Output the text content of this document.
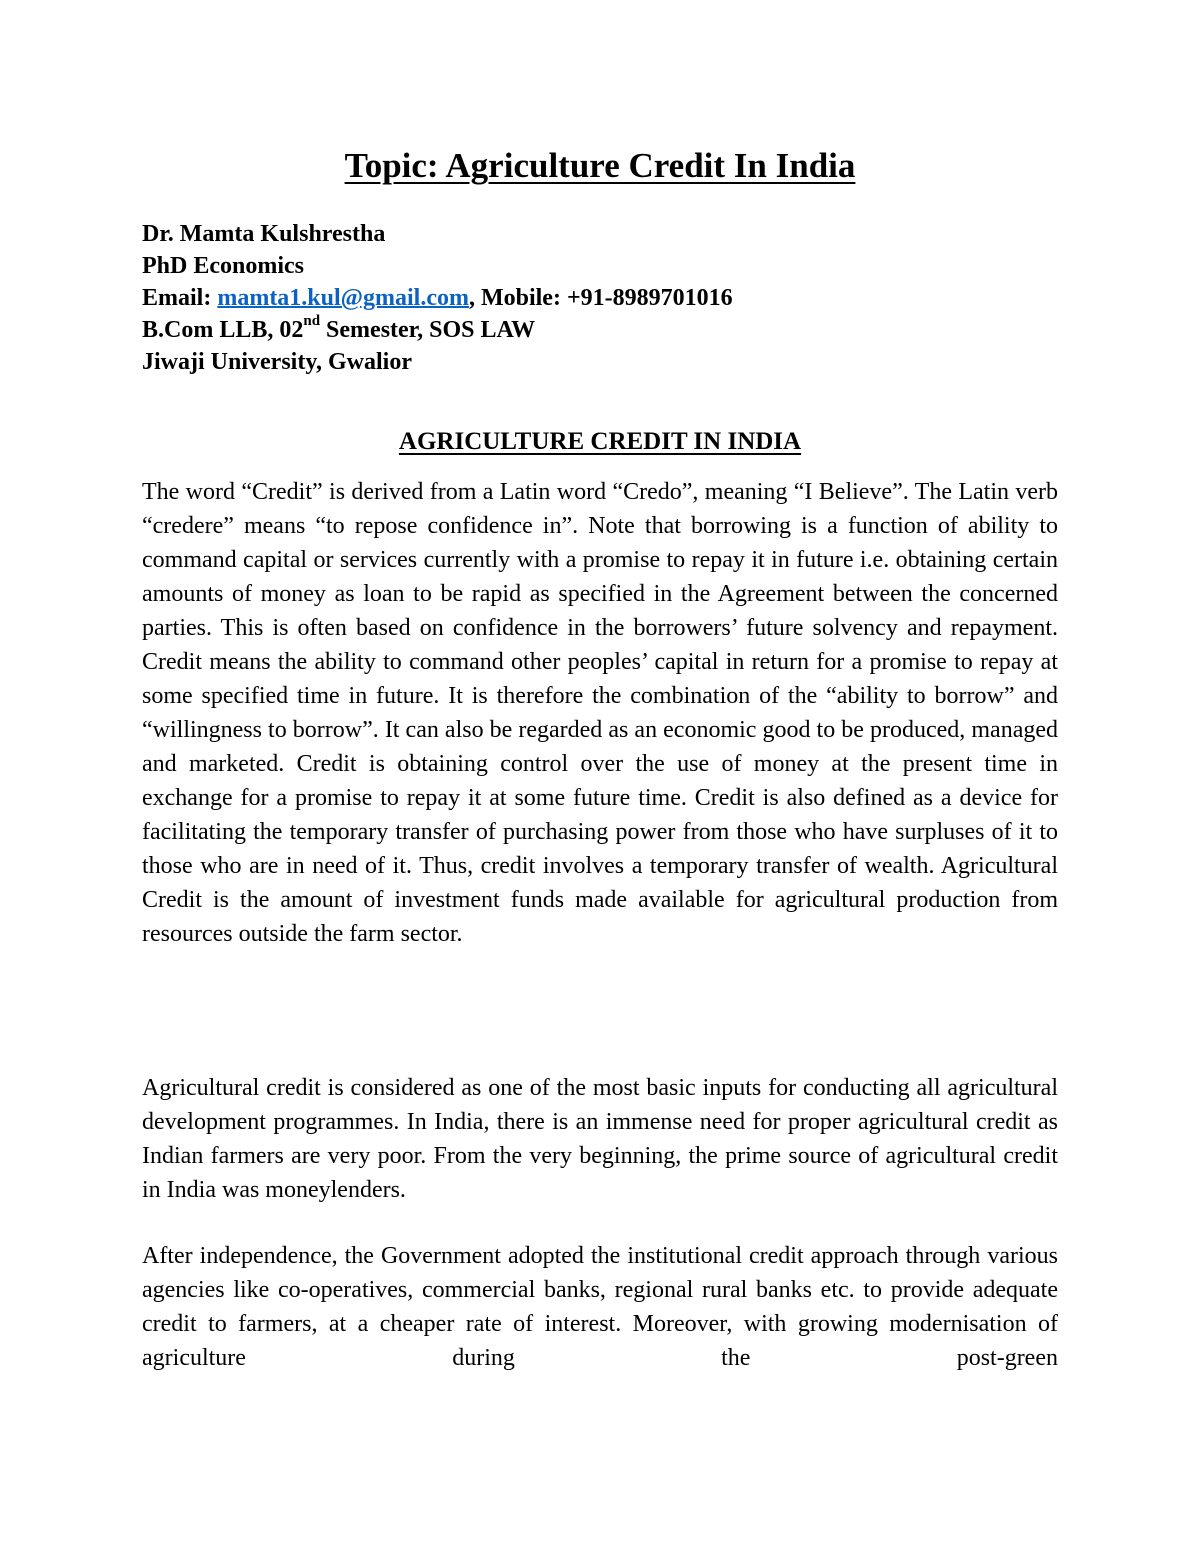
Topic: Agriculture Credit In India
Dr. Mamta Kulshrestha
PhD Economics
Email: mamta1.kul@gmail.com, Mobile: +91-8989701016
B.Com LLB, 02nd Semester, SOS LAW
Jiwaji University, Gwalior
AGRICULTURE CREDIT IN INDIA

The word “Credit” is derived from a Latin word “Credo”, meaning “I Believe”. The Latin verb “credere” means “to repose confidence in”. Note that borrowing is a function of ability to command capital or services currently with a promise to repay it in future i.e. obtaining certain amounts of money as loan to be rapid as specified in the Agreement between the concerned parties. This is often based on confidence in the borrowers’ future solvency and repayment. Credit means the ability to command other peoples’ capital in return for a promise to repay at some specified time in future. It is therefore the combination of the “ability to borrow” and “willingness to borrow”. It can also be regarded as an economic good to be produced, managed and marketed. Credit is obtaining control over the use of money at the present time in exchange for a promise to repay it at some future time. Credit is also defined as a device for facilitating the temporary transfer of purchasing power from those who have surpluses of it to those who are in need of it. Thus, credit involves a temporary transfer of wealth. Agricultural Credit is the amount of investment funds made available for agricultural production from resources outside the farm sector.

Agricultural credit is considered as one of the most basic inputs for conducting all agricultural development programmes. In India, there is an immense need for proper agricultural credit as Indian farmers are very poor. From the very beginning, the prime source of agricultural credit in India was moneylenders.

After independence, the Government adopted the institutional credit approach through various agencies like co-operatives, commercial banks, regional rural banks etc. to provide adequate credit to farmers, at a cheaper rate of interest. Moreover, with growing modernisation of agriculture during the post-green
